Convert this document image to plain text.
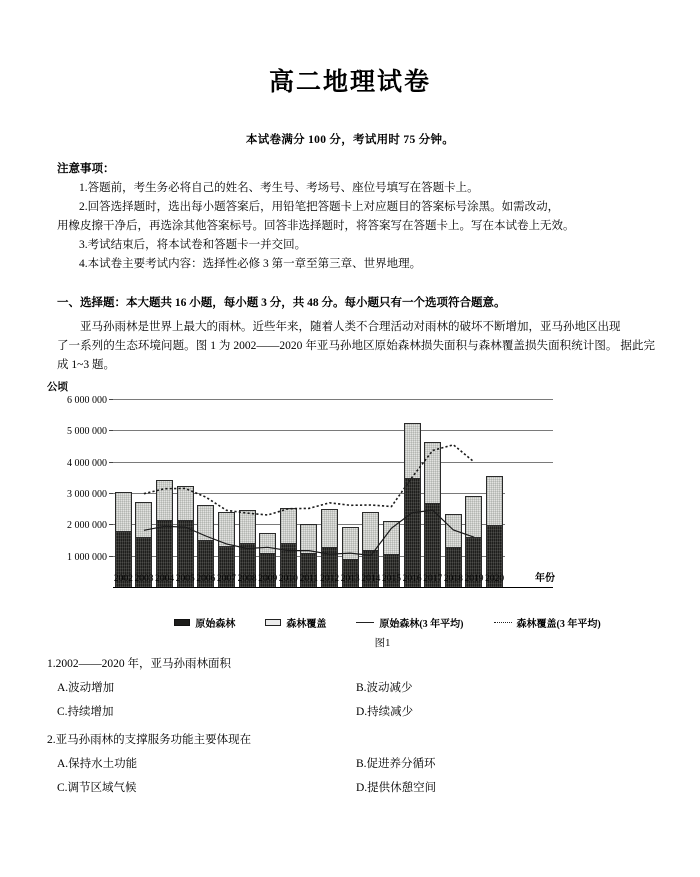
高二地理试卷
本试卷满分 100 分，考试用时 75 分钟。
注意事项：
1.答题前，考生务必将自己的姓名、考生号、考场号、座位号填写在答题卡上。
2.回答选择题时，选出每小题答案后，用铅笔把答题卡上对应题目的答案标号涂黑。如需改动，
用橡皮擦干净后，再选涂其他答案标号。回答非选择题时，将答案写在答题卡上。写在本试卷上无效。
3.考试结束后，将本试卷和答题卡一并交回。
4.本试卷主要考试内容：选择性必修 3 第一章至第三章、世界地理。
一、选择题：本大题共 16 小题，每小题 3 分，共 48 分。每小题只有一个选项符合题意。
亚马孙雨林是世界上最大的雨林。近些年来，随着人类不合理活动对雨林的破坏不断增加，亚马孙地区出现
了一系列的生态环境问题。图 1 为 2002——2020 年亚马孙地区原始森林损失面积与森林覆盖损失面积统计图。 据此完成 1~3 题。
公顷
6 000 000
5 000 000
4 000 000
3 000 000
2 000 000
1 000 000
2002 2003 2004 2005 2006 2007 2008 2009 2010 2011 2012 2013 2014 2015 2016 2017 2018 2019 2020	年份
原始森林	森林覆盖	原始森林(3 年平均)	森林覆盖(3 年平均)
图1
1.2002——2020 年，亚马孙雨林面积
A.波动增加	B.波动减少
C.持续增加	D.持续减少
2.亚马孙雨林的支撑服务功能主要体现在
A.保持水土功能	B.促进养分循环
C.调节区域气候	D.提供休憩空间
